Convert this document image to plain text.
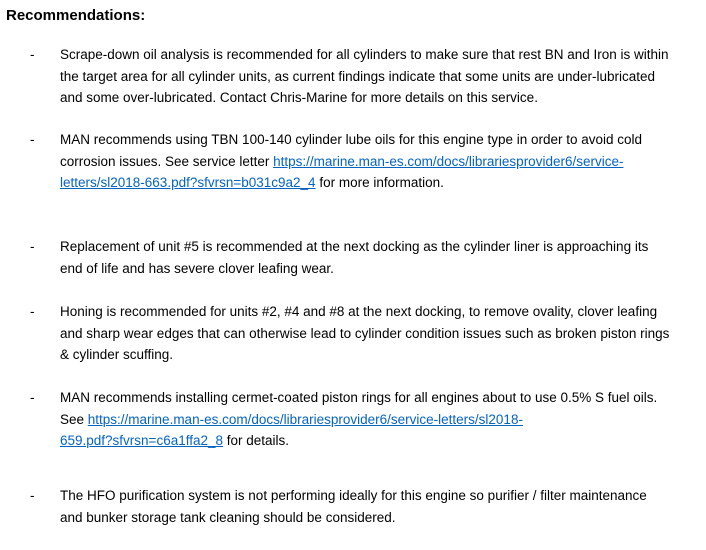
Recommendations:
- Scrape-down oil analysis is recommended for all cylinders to make sure that rest BN and Iron is within
the target area for all cylinder units, as current findings indicate that some units are under-lubricated
and some over-lubricated. Contact Chris-Marine for more details on this service.
- MAN recommends using TBN 100-140 cylinder lube oils for this engine type in order to avoid cold
corrosion issues. See service letter https://marine.man-es.com/docs/librariesprovider6/service-
letters/sl2018-663.pdf?sfvrsn=b031c9a2_4 for more information.
- Replacement of unit #5 is recommended at the next docking as the cylinder liner is approaching its
end of life and has severe clover leafing wear.
- Honing is recommended for units #2, #4 and #8 at the next docking, to remove ovality, clover leafing
and sharp wear edges that can otherwise lead to cylinder condition issues such as broken piston rings
& cylinder scuffing.
- MAN recommends installing cermet-coated piston rings for all engines about to use 0.5% S fuel oils.
See https://marine.man-es.com/docs/librariesprovider6/service-letters/sl2018-
659.pdf?sfvrsn=c6a1ffa2_8 for details.
- The HFO purification system is not performing ideally for this engine so purifier / filter maintenance
and bunker storage tank cleaning should be considered.
